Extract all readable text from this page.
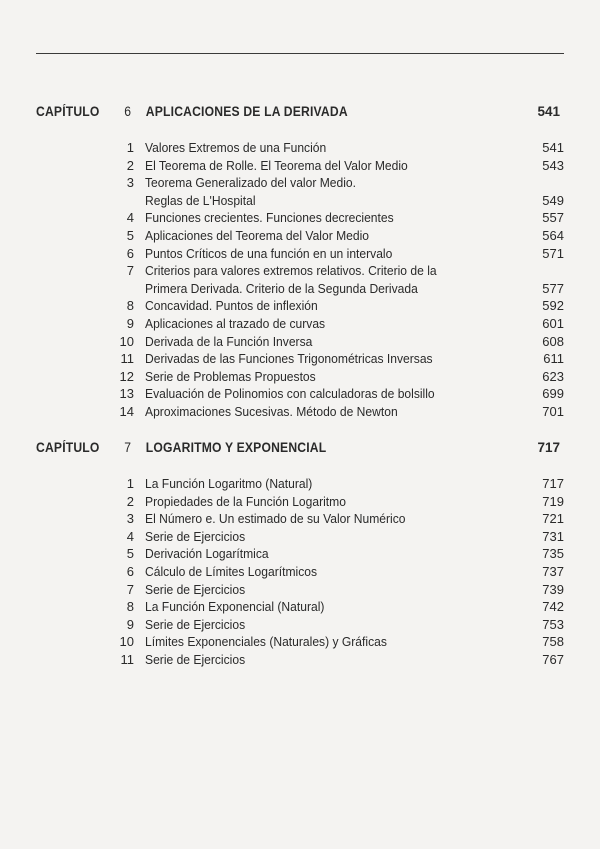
CAPÍTULO 6 APLICACIONES DE LA DERIVADA	541
1 Valores Extremos de una Función	541
2 El Teorema de Rolle. El Teorema del Valor Medio	543
3 Teorema Generalizado del valor Medio.
Reglas de L'Hospital	549
4 Funciones crecientes. Funciones decrecientes	557
5 Aplicaciones del Teorema del Valor Medio	564
6 Puntos Críticos de una función en un intervalo	571
7 Criterios para valores extremos relativos. Criterio de la
Primera Derivada. Criterio de la Segunda Derivada	577
8 Concavidad. Puntos de inflexión	592
9 Aplicaciones al trazado de curvas	601
10 Derivada de la Función Inversa	608
11 Derivadas de las Funciones Trigonométricas Inversas	611
12 Serie de Problemas Propuestos	623
13 Evaluación de Polinomios con calculadoras de bolsillo	699
14 Aproximaciones Sucesivas. Método de Newton	701
CAPÍTULO 7 LOGARITMO Y EXPONENCIAL	717
1 La Función Logaritmo (Natural)	717
2 Propiedades de la Función Logaritmo	719
3 El Número e. Un estimado de su Valor Numérico	721
4 Serie de Ejercicios	731
5 Derivación Logarítmica	735
6 Cálculo de Límites Logarítmicos	737
7 Serie de Ejercicios	739
8 La Función Exponencial (Natural)	742
9 Serie de Ejercicios	753
10 Límites Exponenciales (Naturales) y Gráficas	758
11 Serie de Ejercicios	767
